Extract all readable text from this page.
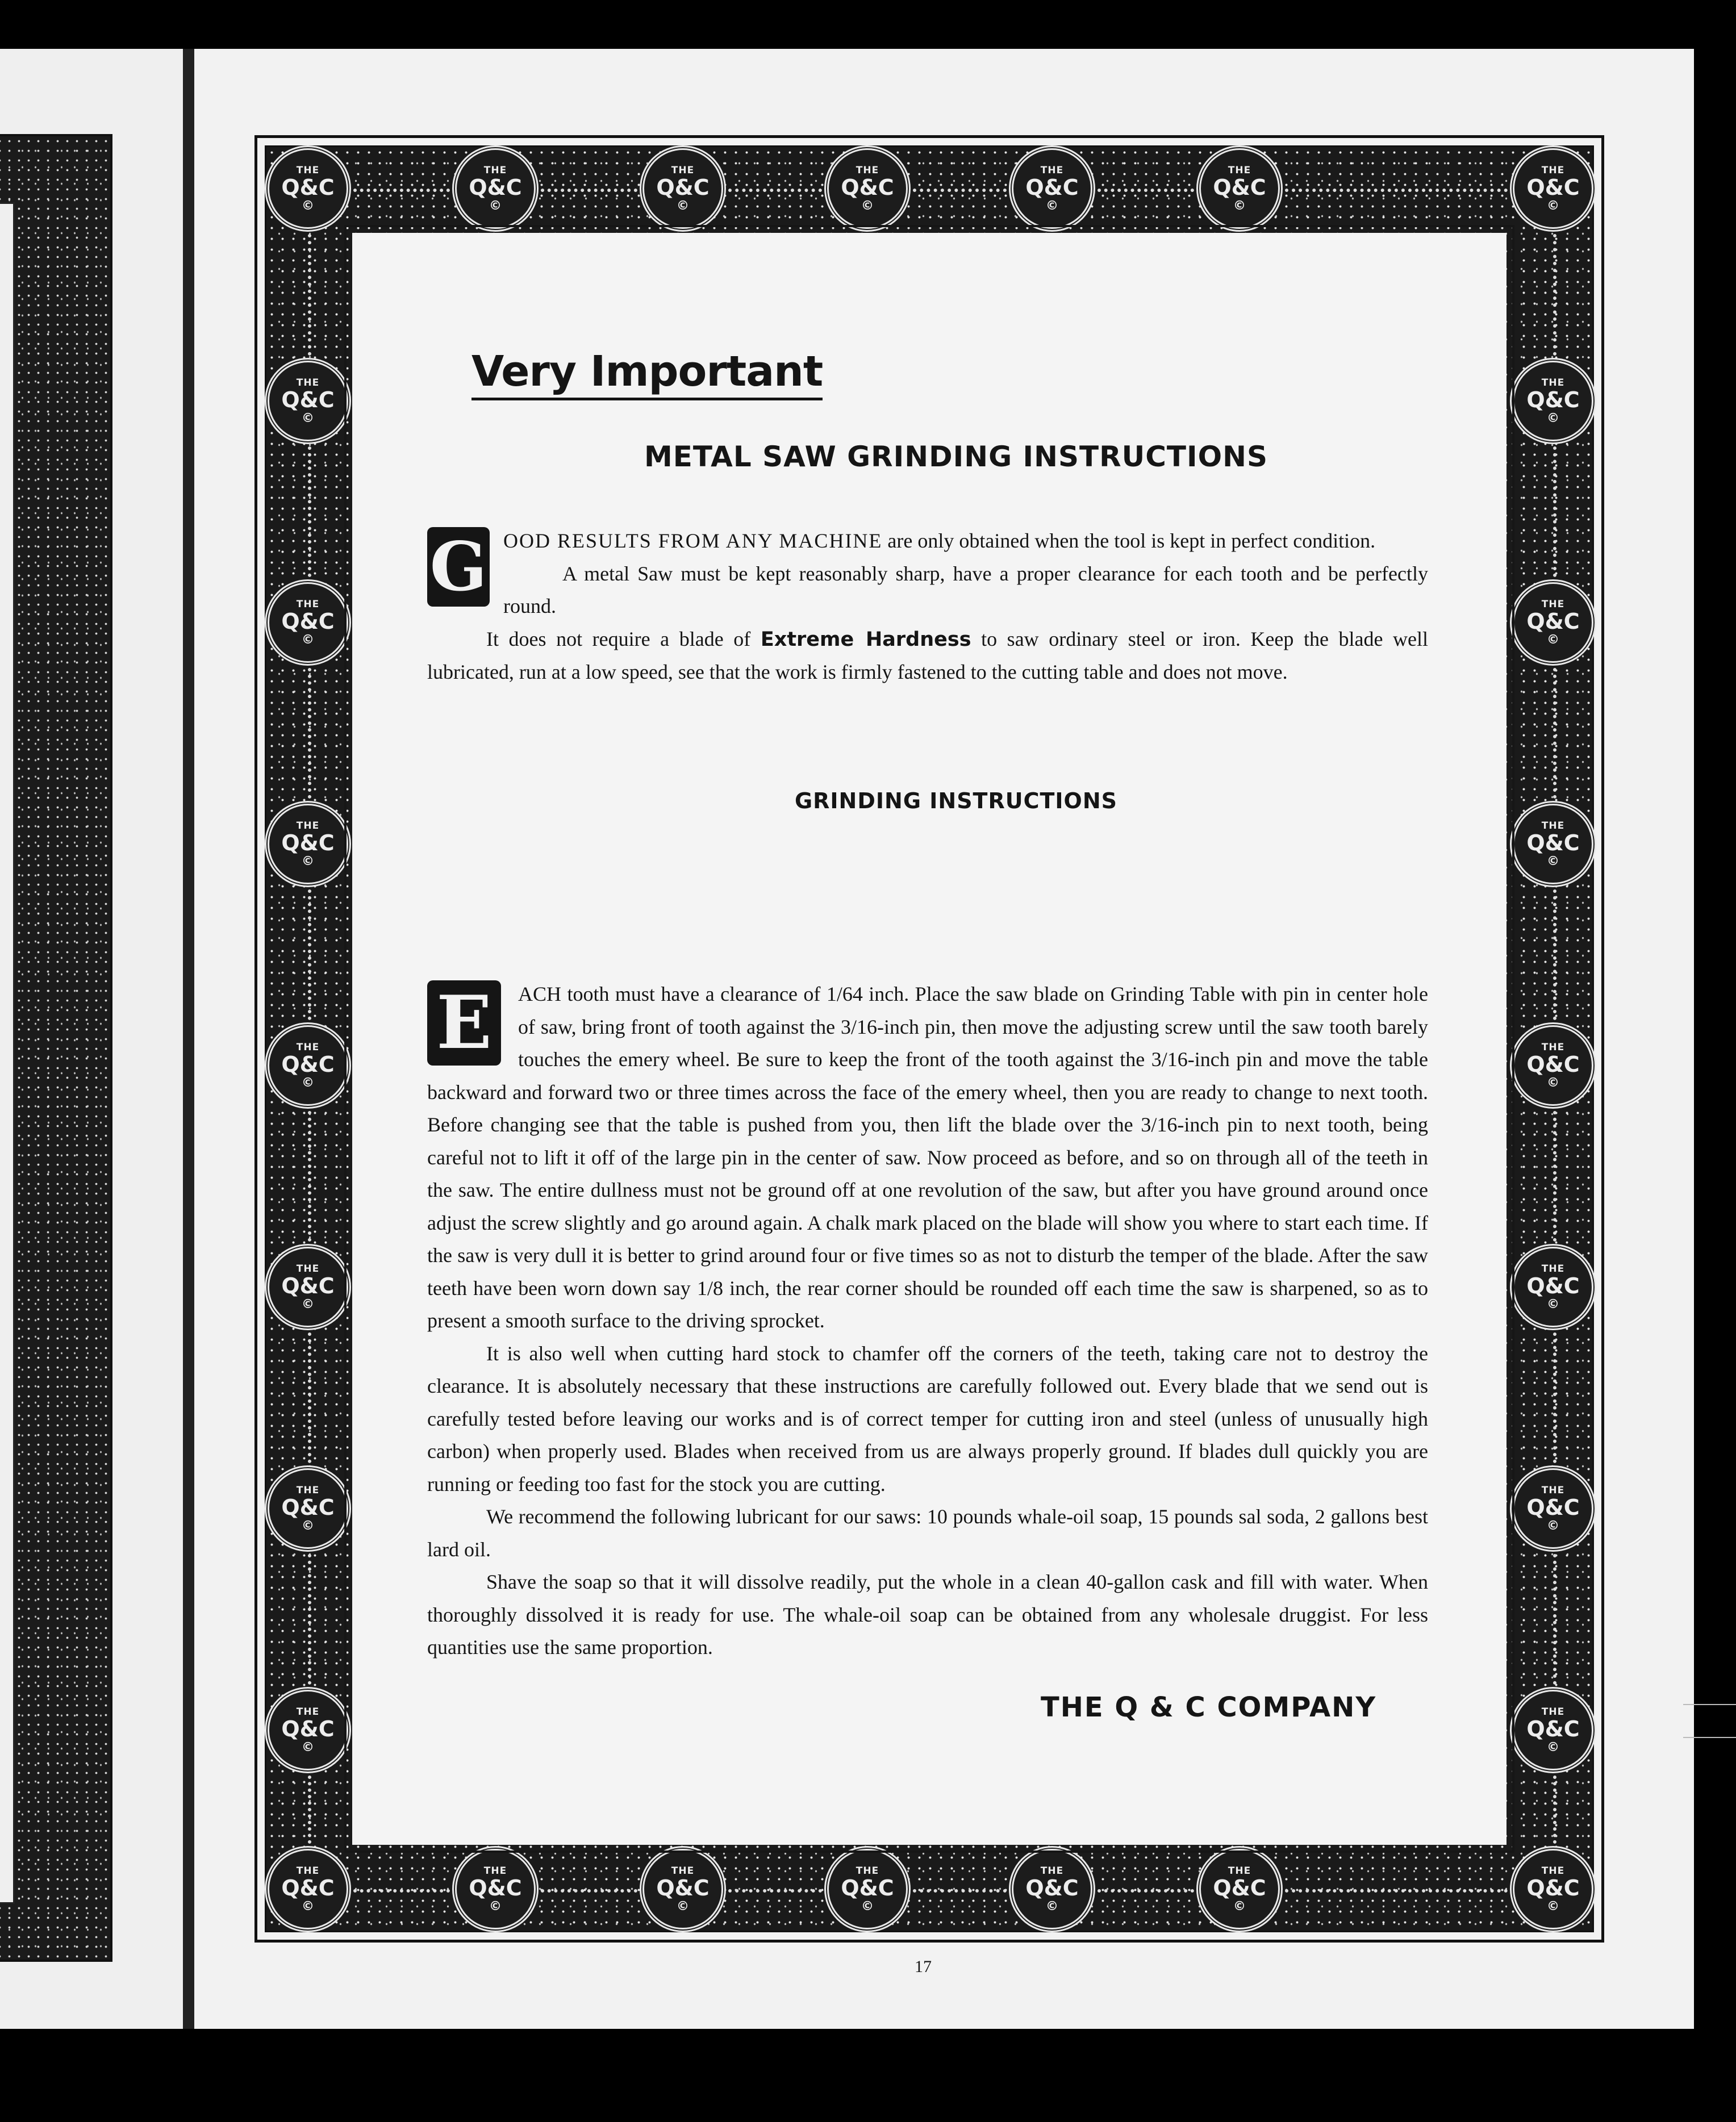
THE
Q&C
©
THE
Q&C
©
THE
Q&C
©
THE
Q&C
©
THE
Q&C
©
THE
Q&C
©
THE
Q&C
©
THE
Q&C
©
THE
Q&C
©
THE
Q&C
©
THE
Q&C
©
THE
Q&C
©
THE
Q&C
©
THE
Q&C
©
THE
Q&C
©
THE
Q&C
©
THE
Q&C
©
THE
Q&C
©
THE
Q&C
©
THE
Q&C
©
THE
Q&C
©
THE
Q&C
©
THE
Q&C
©
THE
Q&C
©
THE
Q&C
©
THE
Q&C
©
THE
Q&C
©
THE
Q&C
©
Very Important
METAL SAW GRINDING INSTRUCTIONS
G OOD RESULTS FROM ANY MACHINE are only obtained when the tool is kept in perfect condition.
A metal Saw must be kept reasonably sharp, have a proper clearance for each tooth and be perfectly round.
It does not require a blade of Extreme Hardness to saw ordinary steel or iron. Keep the blade well lubricated, run at a low speed, see that the work is firmly fastened to the cutting table and does not move.
GRINDING INSTRUCTIONS
E	ACH tooth must have a clearance of 1/64 inch. Place the saw blade on Grinding Table with pin in center hole of saw, bring front of tooth against the 3/16-inch pin, then move the adjusting screw until the saw tooth barely touches the emery wheel. Be sure to keep the front of the tooth against the 3/16-inch pin and move the table backward and forward two or three times across the face of the emery wheel, then you are ready to change to next tooth. Before changing see that the table is pushed from you, then lift the blade over the 3/16-inch pin to next tooth, being careful not to lift it off of the large pin in the center of saw. Now proceed as before, and so on through all of the teeth in the saw. The entire dullness must not be ground off at one revolution of the saw, but after you have ground around once adjust the screw slightly and go around again. A chalk mark placed on the blade will show you where to start each time. If the saw is very dull it is better to grind around four or five times so as not to disturb the temper of the blade. After the saw teeth have been worn down say 1/8 inch, the rear corner should be rounded off each time the saw is sharpened, so as to present a smooth surface to the driving sprocket.
It is also well when cutting hard stock to chamfer off the corners of the teeth, taking care not to destroy the clearance. It is absolutely necessary that these instructions are carefully followed out. Every blade that we send out is carefully tested before leaving our works and is of correct temper for cutting iron and steel (unless of unusually high carbon) when properly used. Blades when received from us are always properly ground. If blades dull quickly you are running or feeding too fast for the stock you are cutting.
We recommend the following lubricant for our saws: 10 pounds whale-oil soap, 15 pounds sal soda, 2 gallons best lard oil.
Shave the soap so that it will dissolve readily, put the whole in a clean 40-gallon cask and fill with water. When thoroughly dissolved it is ready for use. The whale-oil soap can be obtained from any wholesale druggist. For less quantities use the same proportion.
THE Q & C COMPANY
17
